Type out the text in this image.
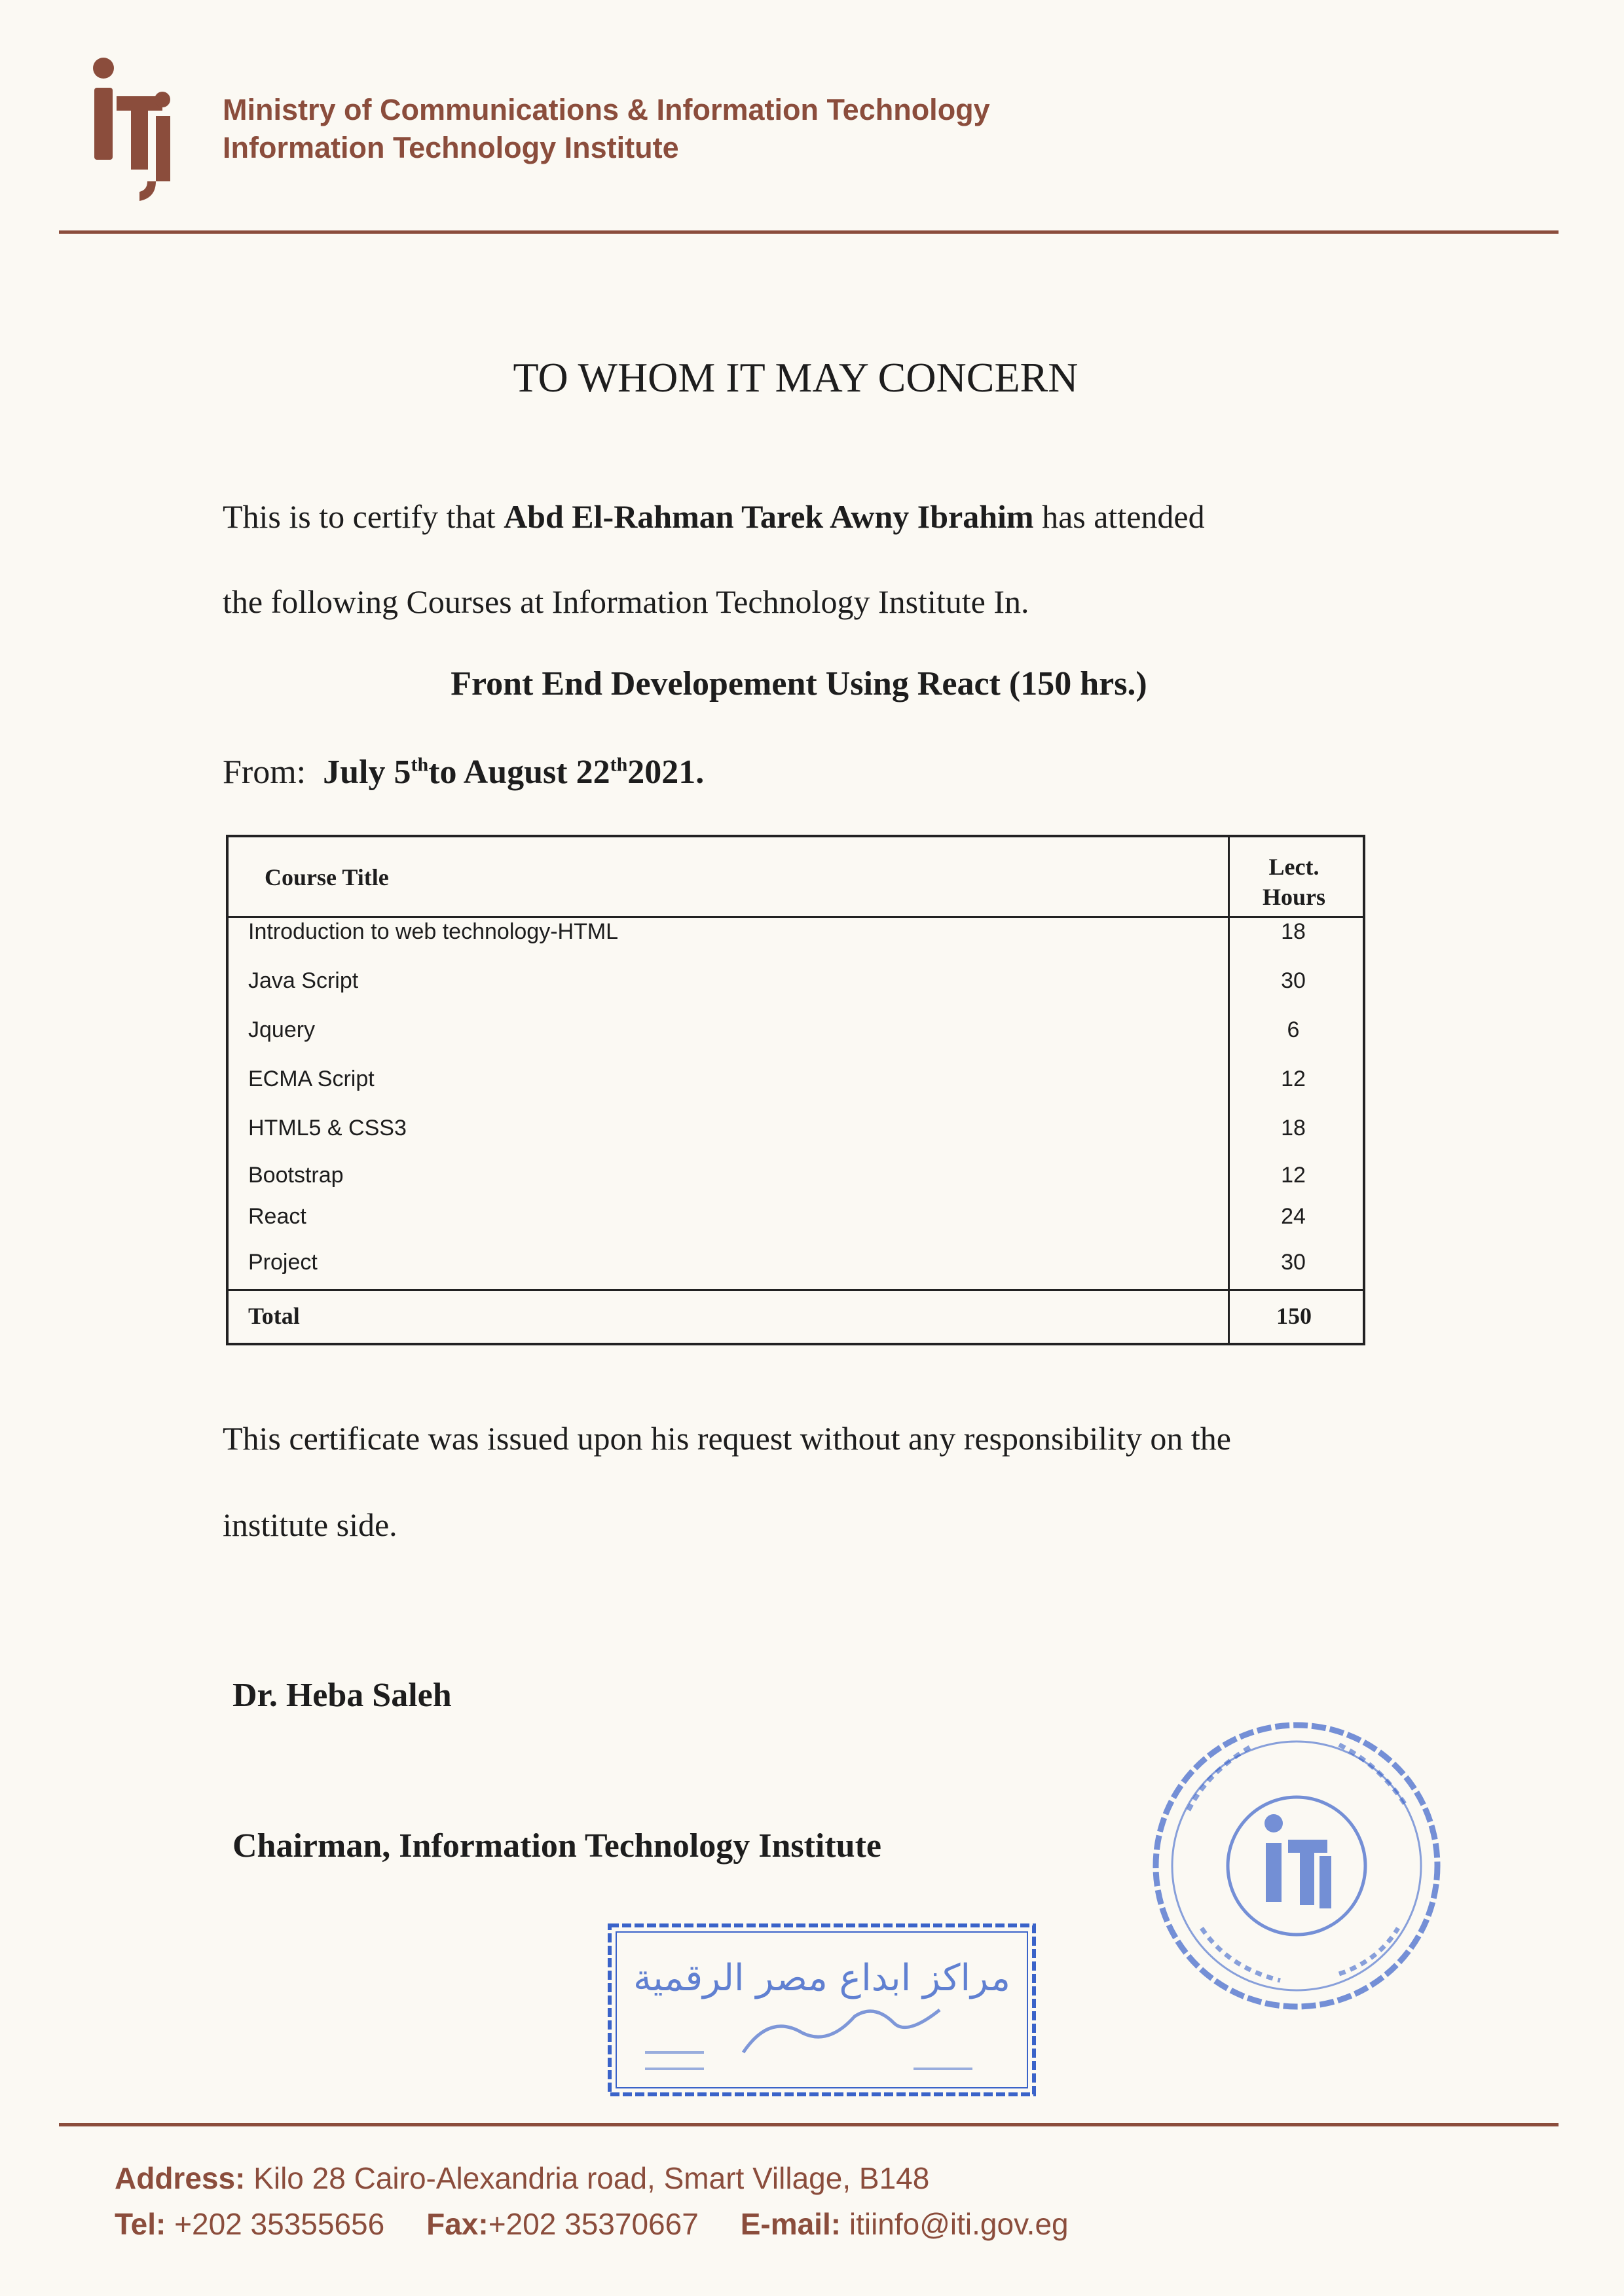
Ministry of Communications & Information Technology
Information Technology Institute
TO WHOM IT MAY CONCERN
This is to certify that Abd El-Rahman Tarek Awny Ibrahim has attended
the following Courses at Information Technology Institute In.
Front End Developement Using React (150 hrs.)
From: July 5thto August 22th2021.
Course Title	Lect.
Hours
Introduction to web technology-HTML	18
Java Script	30
Jquery	6
ECMA Script	12
HTML5 & CSS3	18
Bootstrap	12
React	24
Project	30
Total	150
This certificate was issued upon his request without any responsibility on the
institute side.
Dr. Heba Saleh
Chairman, Information Technology Institute
مراكز ابداع مصر الرقمية
Address: Kilo 28 Cairo-Alexandria road, Smart Village, B148
Tel: +202 35355656 Fax:+202 35370667 E-mail: itiinfo@iti.gov.eg
